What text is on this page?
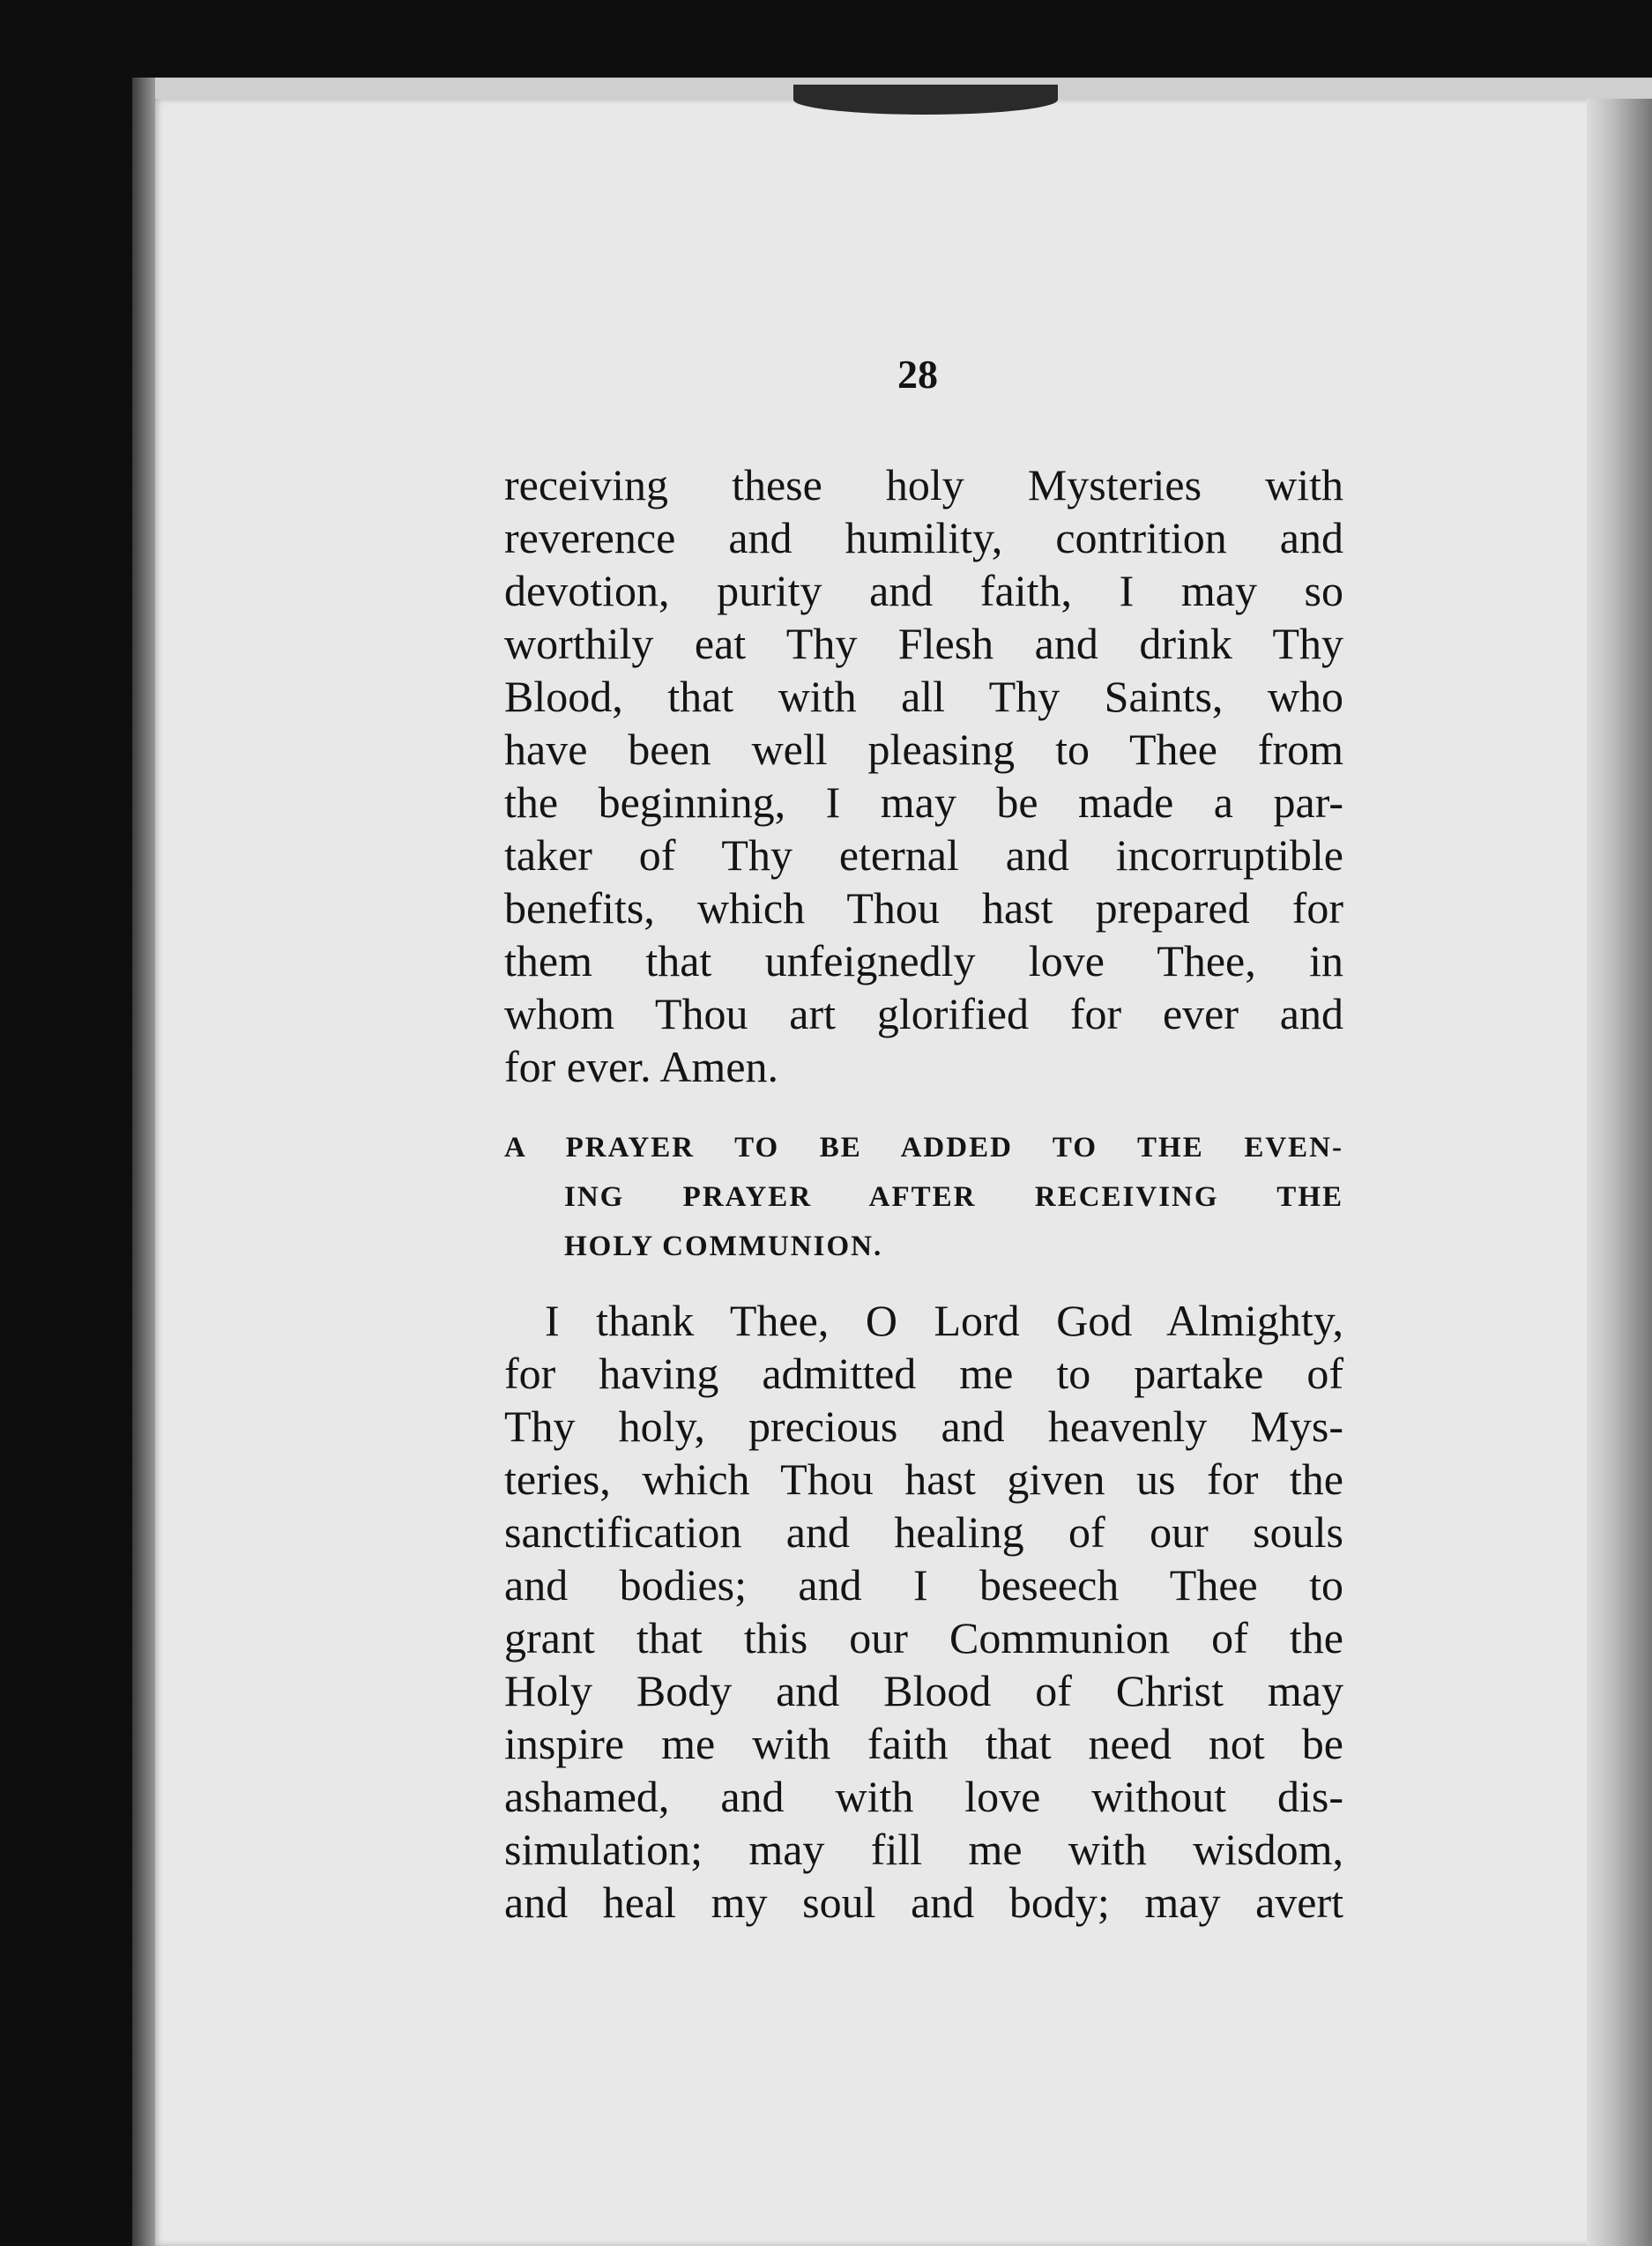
28
receiving these holy Mysteries with
reverence and humility, contrition and
devotion, purity and faith, I may so
worthily eat Thy Flesh and drink Thy
Blood, that with all Thy Saints, who
have been well pleasing to Thee from
the beginning, I may be made a par-
taker of Thy eternal and incorruptible
benefits, which Thou hast prepared for
them that unfeignedly love Thee, in
whom Thou art glorified for ever and
for ever. Amen.
A PRAYER TO BE ADDED TO THE EVEN-
ING PRAYER AFTER RECEIVING THE
HOLY COMMUNION.
I thank Thee, O Lord God Almighty,
for having admitted me to partake of
Thy holy, precious and heavenly Mys-
teries, which Thou hast given us for the
sanctification and healing of our souls
and bodies; and I beseech Thee to
grant that this our Communion of the
Holy Body and Blood of Christ may
inspire me with faith that need not be
ashamed, and with love without dis-
simulation; may fill me with wisdom,
and heal my soul and body; may avert
